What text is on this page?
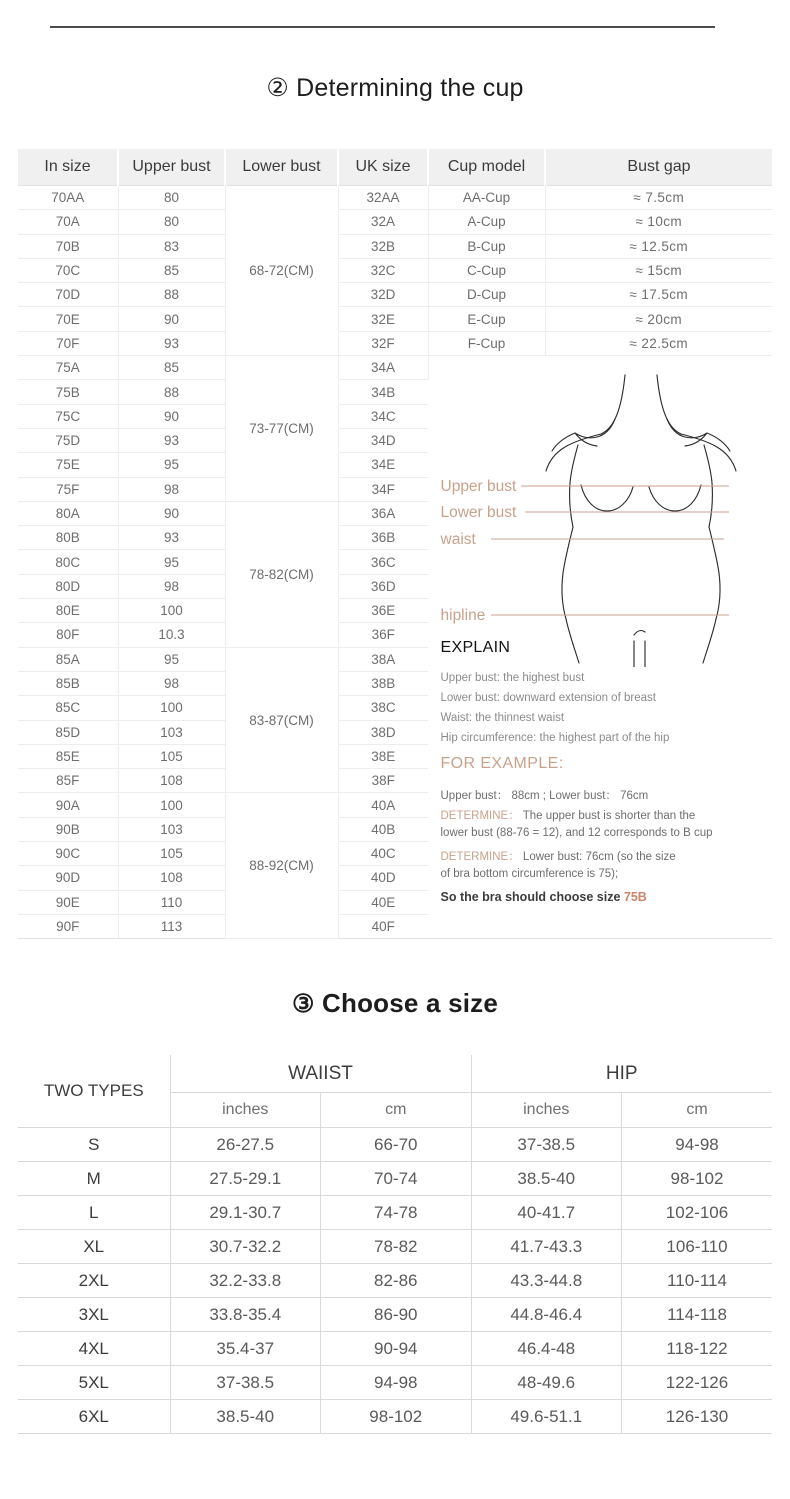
② Determining the cup
In size	Upper bust	Lower bust	UK size	Cup model	Bust gap
70AA	80	68-72(CM)	32AA	AA-Cup	≈ 7.5cm
70A	80		32A	A-Cup	≈ 10cm
70B	83		32B	B-Cup	≈ 12.5cm
70C	85		32C	C-Cup	≈ 15cm
70D	88		32D	D-Cup	≈ 17.5cm
70E	90		32E	E-Cup	≈ 20cm
70F	93		32F	F-Cup	≈ 22.5cm
75A	85	73-77(CM)	34A	
Upper bust
Lower bust
waist
hipline
EXPLAIN
Upper bust: the highest bust
Lower bust: downward extension of breast
Waist: the thinnest waist
Hip circumference: the highest part of the hip
FOR EXAMPLE:
Upper bust： 88cm ; Lower bust： 76cm
DETERMINE： The upper bust is shorter than the
lower bust (88-76 = 12), and 12 corresponds to B cup
DETERMINE： Lower bust: 76cm (so the size
of bra bottom circumference is 75);
So the bra should choose size 75B

75B	88		34B		
75C	90		34C		
75D	93		34D		
75E	95		34E		
75F	98		34F		
80A	90	78-82(CM)	36A		
80B	93		36B		
80C	95		36C		
80D	98		36D		
80E	100		36E		
80F	10.3		36F		
85A	95	83-87(CM)	38A		
85B	98		38B		
85C	100		38C		
85D	103		38D		
85E	105		38E		
85F	108		38F		
90A	100	88-92(CM)	40A		
90B	103		40B		
90C	105		40C		
90D	108		40D		
90E	110		40E		
90F	113		40F		
③ Choose a size
TWO TYPES	WAIIST		HIP	
	inches	cm	inches	cm
S	26-27.5	66-70	37-38.5	94-98
M	27.5-29.1	70-74	38.5-40	98-102
L	29.1-30.7	74-78	40-41.7	102-106
XL	30.7-32.2	78-82	41.7-43.3	106-110
2XL	32.2-33.8	82-86	43.3-44.8	110-114
3XL	33.8-35.4	86-90	44.8-46.4	114-118
4XL	35.4-37	90-94	46.4-48	118-122
5XL	37-38.5	94-98	48-49.6	122-126
6XL	38.5-40	98-102	49.6-51.1	126-130
